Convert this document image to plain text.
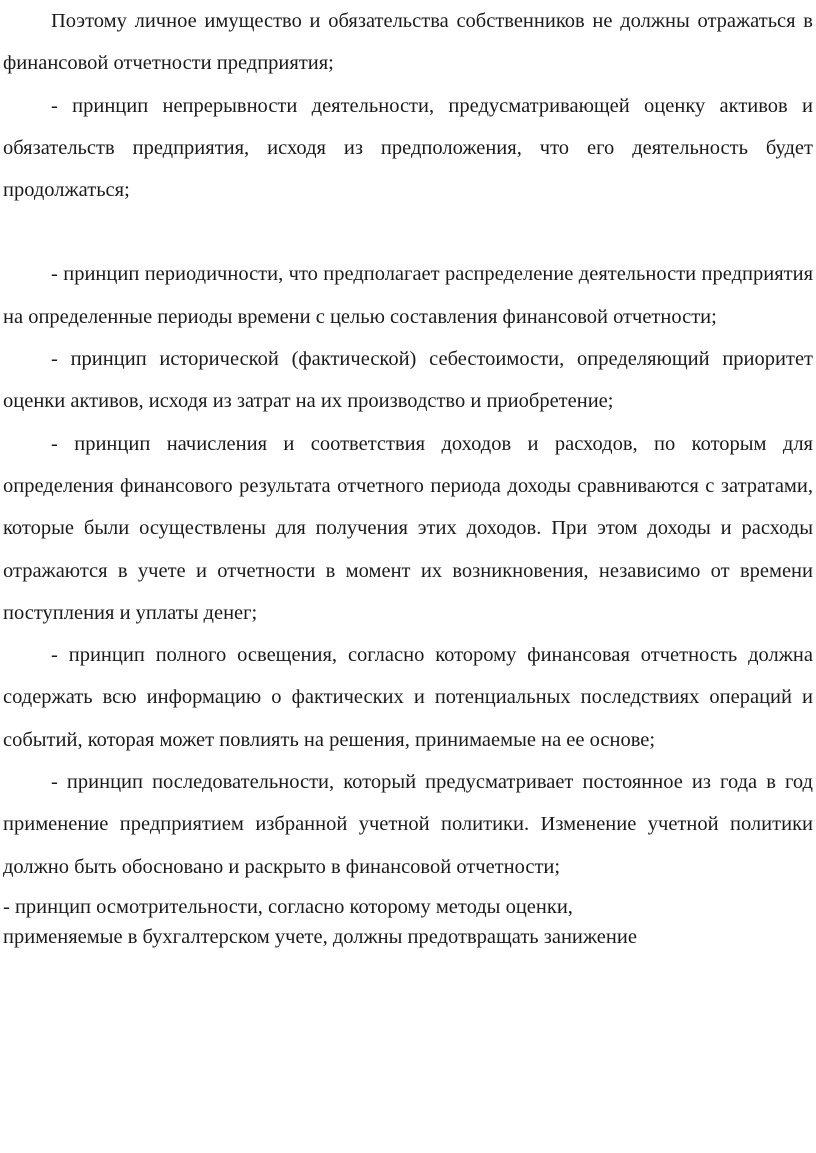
Поэтому личное имущество и обязательства собственников не должны отражаться в финансовой отчетности предприятия;

- принцип непрерывности деятельности, предусматривающей оценку активов и обязательств предприятия, исходя из предположения, что его деятельность будет продолжаться;

- принцип периодичности, что предполагает распределение деятельности предприятия на определенные периоды времени с целью составления финансовой отчетности;

- принцип исторической (фактической) себестоимости, определяющий приоритет оценки активов, исходя из затрат на их производство и приобретение;

- принцип начисления и соответствия доходов и расходов, по которым для определения финансового результата отчетного периода доходы сравниваются с затратами, которые были осуществлены для получения этих доходов. При этом доходы и расходы отражаются в учете и отчетности в момент их возникновения, независимо от времени поступления и уплаты денег;

- принцип полного освещения, согласно которому финансовая отчетность должна содержать всю информацию о фактических и потенциальных последствиях операций и событий, которая может повлиять на решения, принимаемые на ее основе;

- принцип последовательности, который предусматривает постоянное из года в год применение предприятием избранной учетной политики. Изменение учетной политики должно быть обосновано и раскрыто в финансовой отчетности;

- принцип осмотрительности, согласно которому методы оценки,

применяемые в бухгалтерском учете, должны предотвращать занижение
